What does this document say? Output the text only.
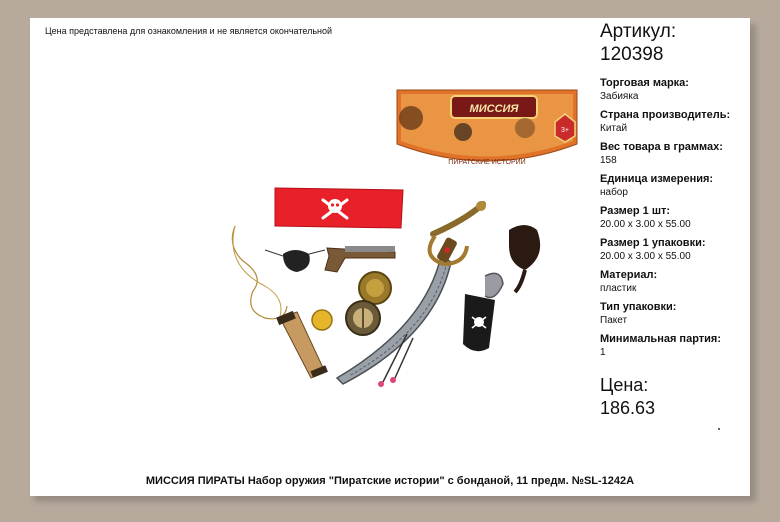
Цена представлена для ознакомления и не является окончательной	Артикул:
120398
Торговая марка:
Забияка
Страна производитель:
Китай
Вес товара в граммах:
158
Единица измерения:
набор
Размер 1 шт:
20.00 x 3.00 x 55.00
Размер 1 упаковки:
20.00 x 3.00 x 55.00
Материал:
пластик
Тип упаковки:
Пакет
Минимальная партия:
1
Цена:
186.63
МИССИЯ ПИРАТЫ Набор оружия "Пиратские истории" с бонданой, 11 предм. №SL-1242A
МИССИЯ
3+
ПИРАТСКИЕ ИСТОРИИ
